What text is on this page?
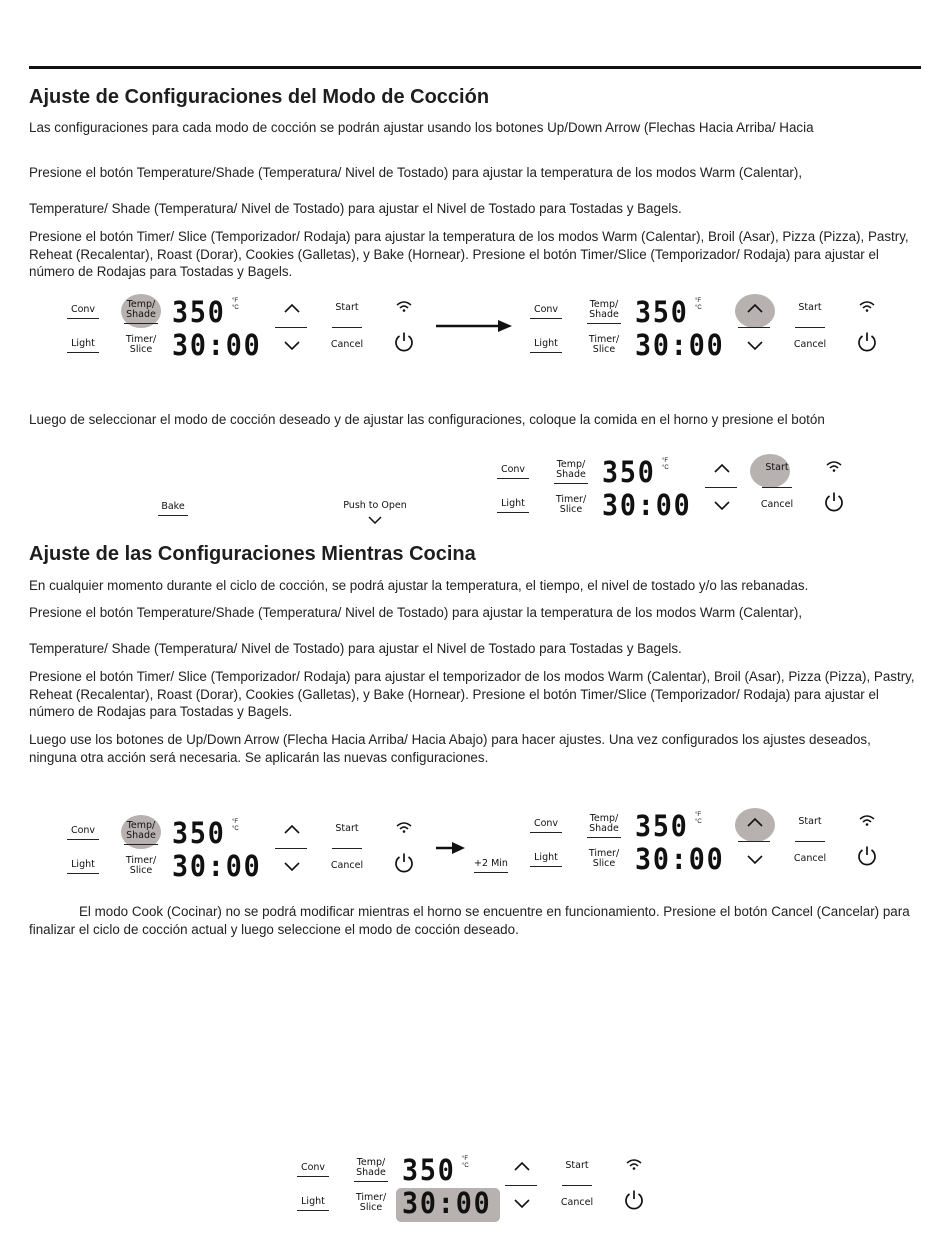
Ajuste de Configuraciones del Modo de Cocción

Las configuraciones para cada modo de cocción se podrán ajustar usando los botones Up/Down Arrow (Flechas Hacia Arriba/ Hacia

Presione el botón Temperature/Shade (Temperatura/ Nivel de Tostado) para ajustar la temperatura de los modos Warm (Calentar),

Temperature/ Shade (Temperatura/ Nivel de Tostado) para ajustar el Nivel de Tostado para Tostadas y Bagels.

Presione el botón Timer/ Slice (Temporizador/ Rodaja) para ajustar la temperatura de los modos Warm (Calentar), Broil (Asar), Pizza (Pizza), Pastry, Reheat (Recalentar), Roast (Dorar), Cookies (Galletas), y Bake (Hornear). Presione el botón Timer/Slice (Temporizador/ Rodaja) para ajustar el número de Rodajas para Tostadas y Bagels.

Conv
Light
Temp/
Shade
Timer/
Slice
350 °F
°C
30:00
Start
Cancel
Conv
Light
Temp/
Shade
Timer/
Slice
350 °F
°C
30:00
Start
Cancel

Luego de seleccionar el modo de cocción deseado y de ajustar las configuraciones, coloque la comida en el horno y presione el botón

Bake	Push to Open
Conv
Light
Temp/
Shade
Timer/
Slice
350 °F
°C
30:00
Start
Cancel
Ajuste de las Configuraciones Mientras Cocina

En cualquier momento durante el ciclo de cocción, se podrá ajustar la temperatura, el tiempo, el nivel de tostado y/o las rebanadas.

Presione el botón Temperature/Shade (Temperatura/ Nivel de Tostado) para ajustar la temperatura de los modos Warm (Calentar),

Temperature/ Shade (Temperatura/ Nivel de Tostado) para ajustar el Nivel de Tostado para Tostadas y Bagels.

Presione el botón Timer/ Slice (Temporizador/ Rodaja) para ajustar el temporizador de los modos Warm (Calentar), Broil (Asar), Pizza (Pizza), Pastry, Reheat (Recalentar), Roast (Dorar), Cookies (Galletas), y Bake (Hornear). Presione el botón Timer/Slice (Temporizador/ Rodaja) para ajustar el número de Rodajas para Tostadas y Bagels.

Luego use los botones de Up/Down Arrow (Flecha Hacia Arriba/ Hacia Abajo) para hacer ajustes. Una vez configurados los ajustes deseados, ninguna otra acción será necesaria. Se aplicarán las nuevas configuraciones.

Conv
Light
Temp/
Shade
Timer/
Slice
350 °F
°C
30:00
Start
Cancel	+2 Min
Conv
Light
Temp/
Shade
Timer/
Slice
350 °F
°C
30:00
Start
Cancel

El modo Cook (Cocinar) no se podrá modificar mientras el horno se encuentre en funcionamiento. Presione el botón Cancel (Cancelar) para finalizar el ciclo de cocción actual y luego seleccione el modo de cocción deseado.

Conv
Light
Temp/
Shade
Timer/
Slice
350 °F
°C
30:00
Start
Cancel
